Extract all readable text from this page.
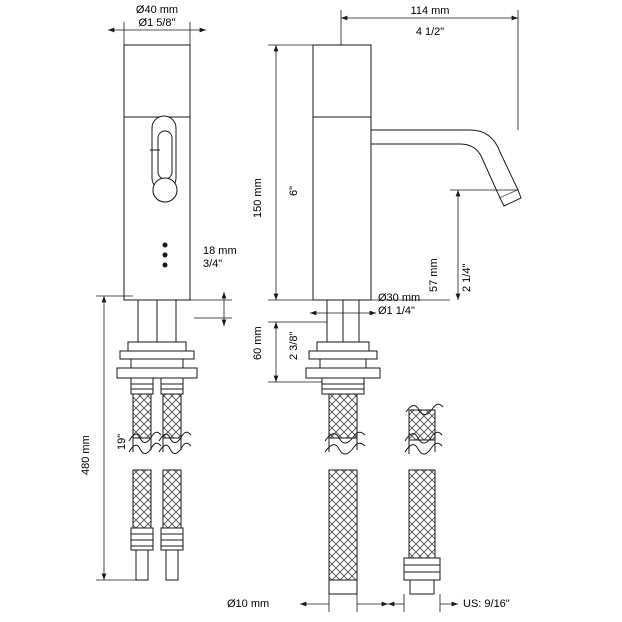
Ø40 mm
Ø1 5/8"
114 mm
4 1/2"
150 mm 6"
57 mm 2 1/4"
18 mm
3/4"
Ø30 mm
Ø1 1/4"
60 mm 2 3/8"
480 mm 19"
Ø10 mm	US: 9/16"
